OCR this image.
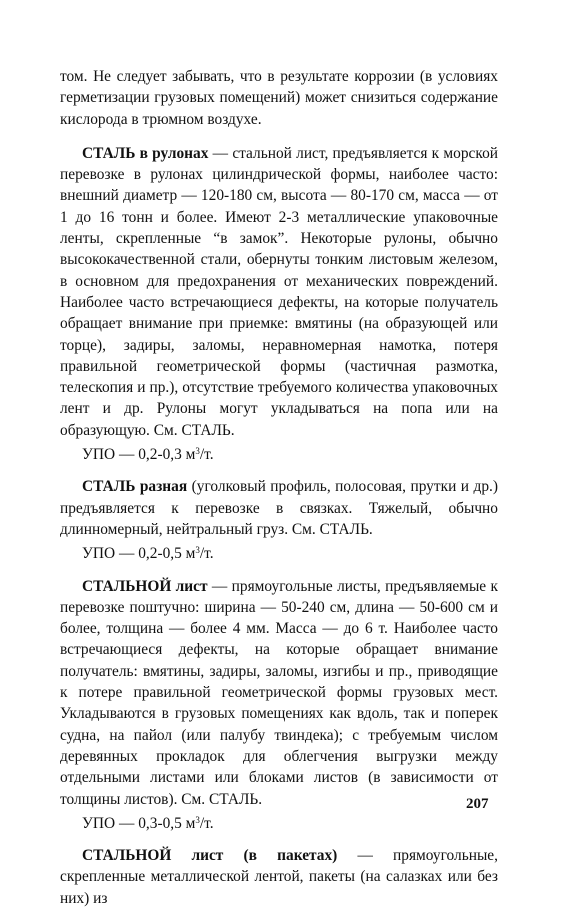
том. Не следует забывать, что в результате коррозии (в условиях герметизации грузовых помещений) может снизиться содержание кислорода в трюмном воздухе.

СТАЛЬ в рулонах — стальной лист, предъявляется к морской перевозке в рулонах цилиндрической формы, наиболее часто: внешний диаметр — 120-180 см, высота — 80-170 см, масса — от 1 до 16 тонн и более. Имеют 2-3 металлические упаковочные ленты, скрепленные “в замок”. Некоторые рулоны, обычно высококачественной стали, обернуты тонким листовым железом, в основном для предохранения от механических повреждений. Наиболее часто встречающиеся дефекты, на которые получатель обращает внимание при приемке: вмятины (на образующей или торце), задиры, заломы, неравномерная намотка, потеря правильной геометрической формы (частичная размотка, телескопия и пр.), отсутствие требуемого количества упаковочных лент и др. Рулоны могут укладываться на попа или на образующую. См. СТАЛЬ.

УПО — 0,2-0,3 $м^3/т$.

СТАЛЬ разная (уголковый профиль, полосовая, прутки и др.) предъявляется к перевозке в связках. Тяжелый, обычно длинномерный, нейтральный груз. См. СТАЛЬ.

УПО — 0,2-0,5 $м^3/т$.

СТАЛЬНОЙ лист — прямоугольные листы, предъявляемые к перевозке поштучно: ширина — 50-240 см, длина — 50-600 см и более, толщина — более 4 мм. Масса — до 6 т. Наиболее часто встречающиеся дефекты, на которые обращает внимание получатель: вмятины, задиры, заломы, изгибы и пр., приводящие к потере правильной геометрической формы грузовых мест. Укладываются в грузовых помещениях как вдоль, так и поперек судна, на пайол (или палубу твиндека); с требуемым числом деревянных прокладок для облегчения выгрузки между отдельными листами или блоками листов (в зависимости от толщины листов). См. СТАЛЬ.

УПО — 0,3-0,5 $м^3/т$.

СТАЛЬНОЙ лист (в пакетах) — прямоугольные, скрепленные металлической лентой, пакеты (на салазках или без них) из

207
